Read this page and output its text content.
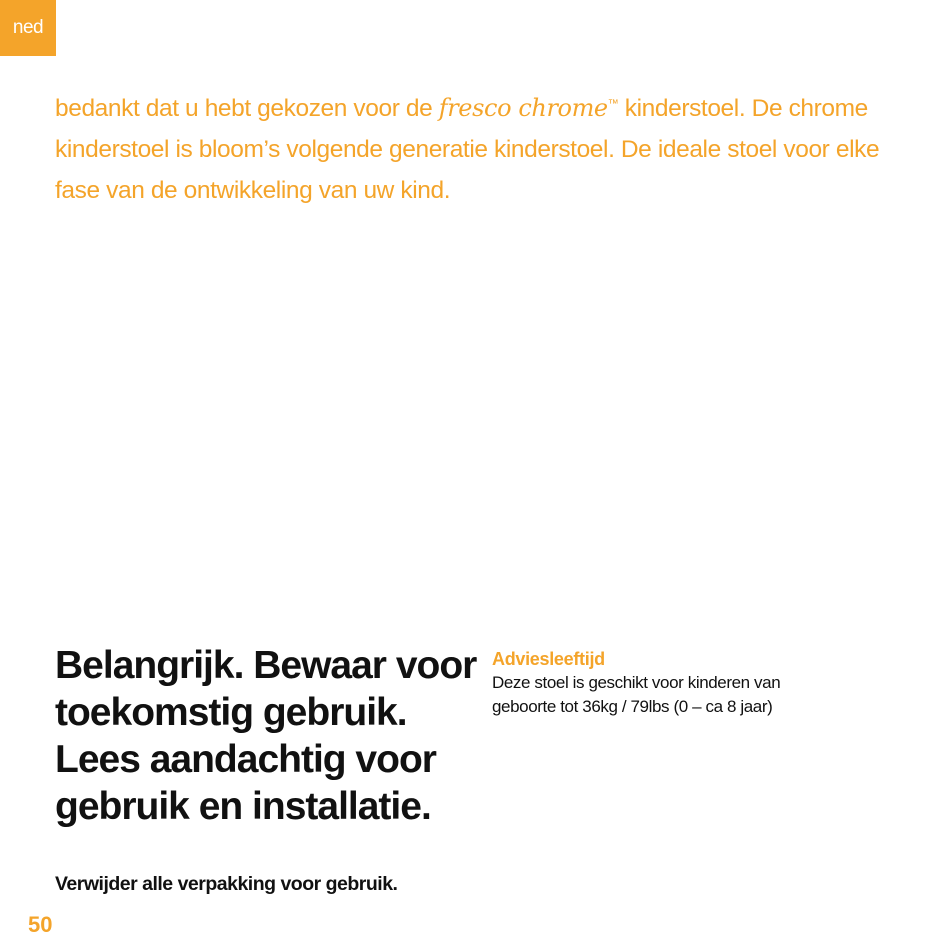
ned

bedankt dat u hebt gekozen voor de fresco chrome™ kinderstoel. De chrome kinderstoel is bloom’s volgende generatie kinderstoel. De ideale stoel voor elke fase van de ontwikkeling van uw kind.

Belangrijk. Bewaar voor toekomstig gebruik. Lees aandachtig voor gebruik en installatie.

Verwijder alle verpakking voor gebruik.

Adviesleeftijd

Deze stoel is geschikt voor kinderen van

geboorte tot 36kg / 79lbs (0 – ca 8 jaar)

50
